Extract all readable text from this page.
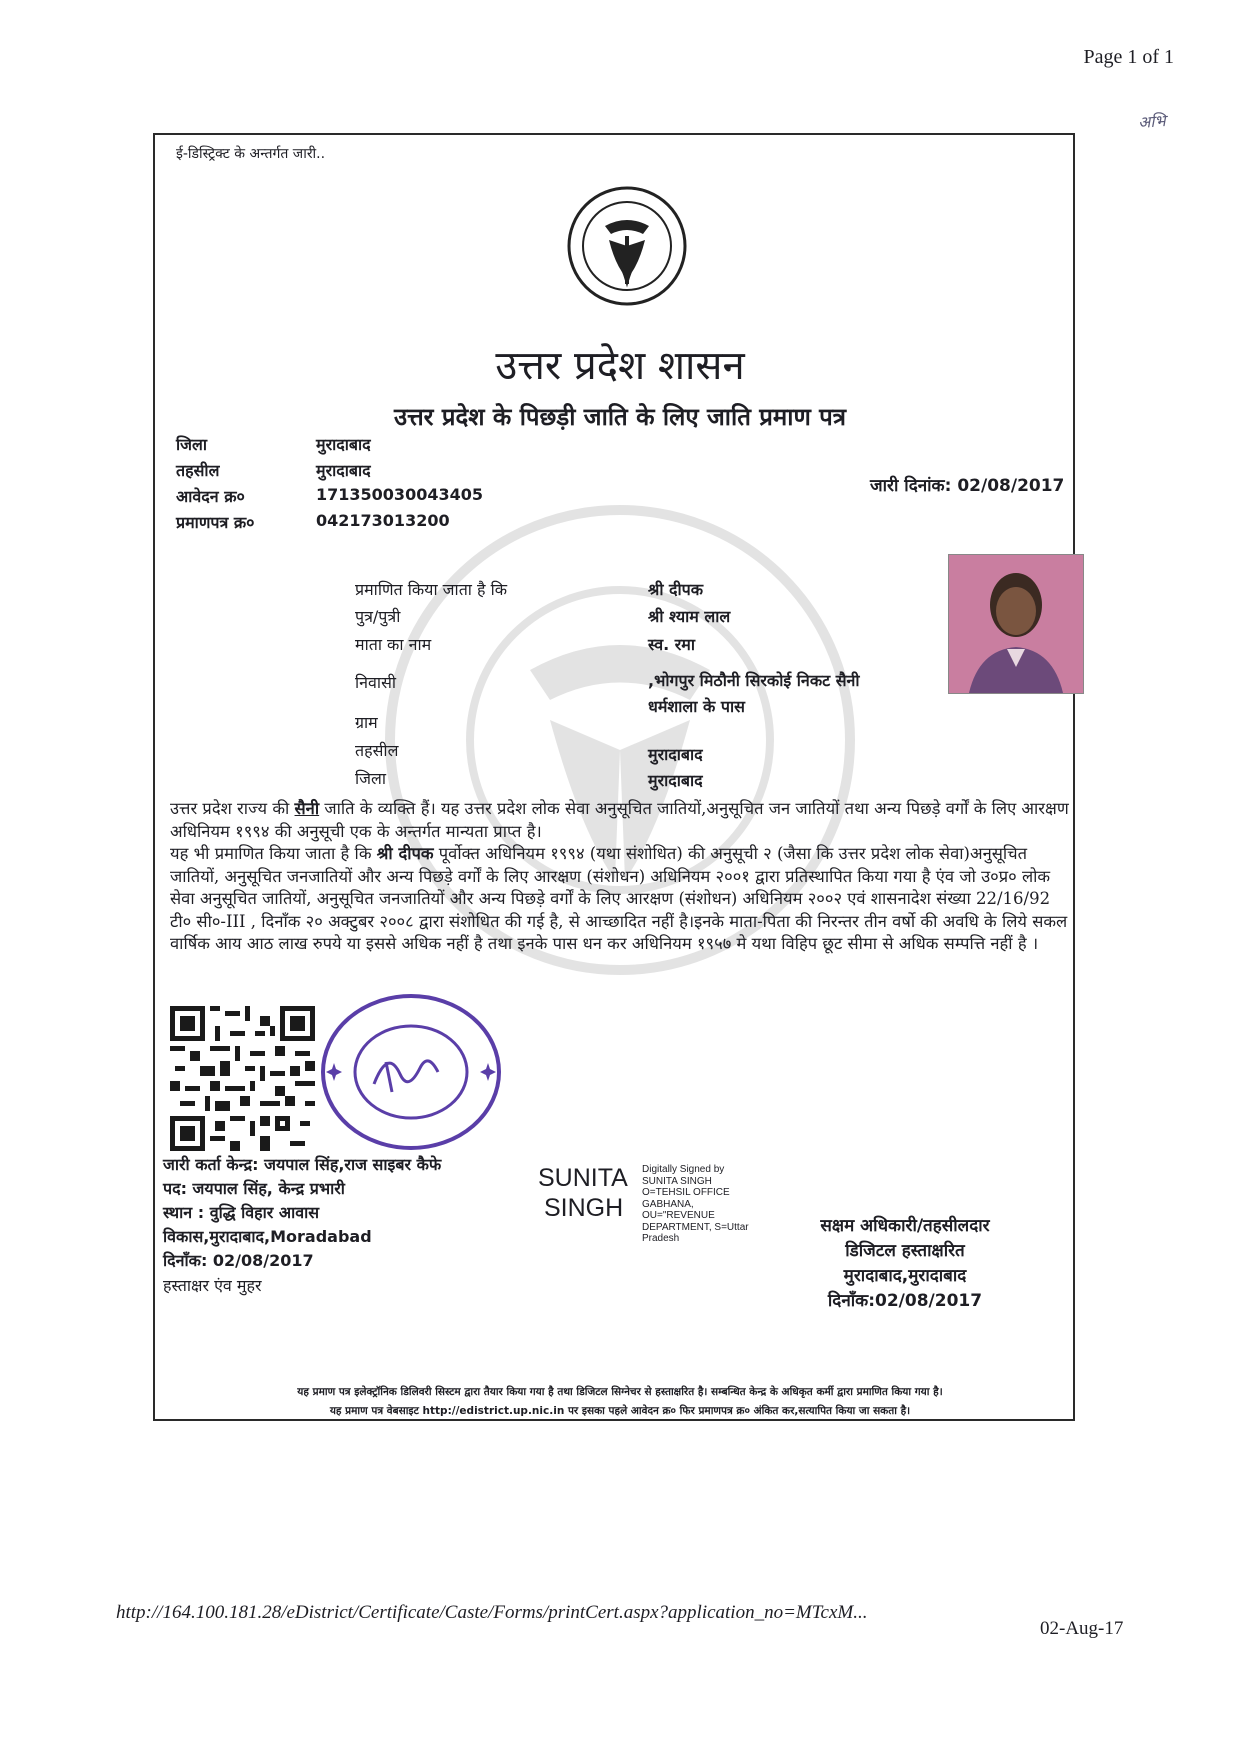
Page 1 of 1
अभि
ई-डिस्ट्रिक्ट के अन्तर्गत जारी..
उत्तर प्रदेश शासन
उत्तर प्रदेश के पिछड़ी जाति के लिए जाति प्रमाण पत्र
जिला	मुरादाबाद
तहसील	मुरादाबाद
आवेदन क्र०	171350030043405
प्रमाणपत्र क्र०	042173013200
जारी दिनांक: 02/08/2017
प्रमाणित किया जाता है कि	श्री दीपक
पुत्र/पुत्री	श्री श्याम लाल
माता का नाम	स्व. रमा
निवासी	,भोगपुर मिठौनी सिरकोई निकट सैनी
धर्मशाला के पास
ग्राम
तहसील	मुरादाबाद
जिला	मुरादाबाद

उत्तर प्रदेश राज्य की सैनी जाति के व्यक्ति हैं। यह उत्तर प्रदेश लोक सेवा अनुसूचित जातियों,अनुसूचित जन जातियों तथा अन्य पिछड़े वर्गों के लिए आरक्षण अधिनियम १९९४ की अनुसूची एक के अन्तर्गत मान्यता प्राप्त है।

यह भी प्रमाणित किया जाता है कि श्री दीपक पूर्वोक्त अधिनियम १९९४ (यथा संशोधित) की अनुसूची २ (जैसा कि उत्तर प्रदेश लोक सेवा)अनुसूचित जातियों, अनुसूचित जनजातियों और अन्य पिछड़े वर्गों के लिए आरक्षण (संशोधन) अधिनियम २००१ द्वारा प्रतिस्थापित किया गया है एंव जो उ०प्र० लोक सेवा अनुसूचित जातियों, अनुसूचित जनजातियों और अन्य पिछड़े वर्गों के लिए आरक्षण (संशोधन) अधिनियम २००२ एवं शासनादेश संख्या 22/16/92 टी० सी०-III , दिनाँक २० अक्टुबर २००८ द्वारा संशोधित की गई है, से आच्छादित नहीं है।इनके माता-पिता की निरन्तर तीन वर्षो की अवधि के लिये सकल वार्षिक आय आठ लाख रुपये या इससे अधिक नहीं है तथा इनके पास धन कर अधिनियम १९५७ मे यथा विहिप छूट सीमा से अधिक सम्पत्ति नहीं है ।

जारी कर्ता केन्द्र: जयपाल सिंह,राज साइबर कैफे
पद: जयपाल सिंह, केन्द्र प्रभारी
स्थान : वुद्धि विहार आवास
विकास,मुरादाबाद,Moradabad
दिनाँक: 02/08/2017
हस्ताक्षर एंव मुहर
SUNITA
SINGH
Digitally Signed by
SUNITA SINGH
O=TEHSIL OFFICE
GABHANA,
OU="REVENUE
DEPARTMENT, S=Uttar
Pradesh
सक्षम अधिकारी/तहसीलदार
डिजिटल हस्ताक्षरित
मुरादाबाद,मुरादाबाद
दिनाँक:02/08/2017
यह प्रमाण पत्र इलेक्ट्रॉनिक डिलिवरी सिस्टम द्वारा तैयार किया गया है तथा डिजिटल सिग्नेचर से हस्ताक्षरित है। सम्बन्धित केन्द्र के अधिकृत कर्मी द्वारा प्रमाणित किया गया है।
यह प्रमाण पत्र वेबसाइट http://edistrict.up.nic.in पर इसका पहले आवेदन क्र० फिर प्रमाणपत्र क्र० अंकित कर,सत्यापित किया जा सकता है।
http://164.100.181.28/eDistrict/Certificate/Caste/Forms/printCert.aspx?application_no=MTcxM...
02-Aug-17
